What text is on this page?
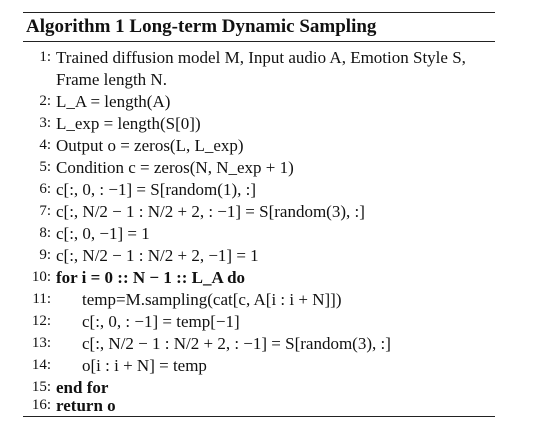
Algorithm 1 Long-term Dynamic Sampling
1: Trained diffusion model M, Input audio A, Emotion Style S,
Frame length N.
2: L_A = length(A)
3: L_exp = length(S[0])
4: Output o = zeros(L, L_exp)
5: Condition c = zeros(N, N_exp + 1)
6: c[:, 0, : −1] = S[random(1), :]
7: c[:, N/2 − 1 : N/2 + 2, : −1] = S[random(3), :]
8: c[:, 0, −1] = 1
9: c[:, N/2 − 1 : N/2 + 2, −1] = 1
10: for i = 0 :: N − 1 :: L_A do
11: temp=M.sampling(cat[c, A[i : i + N]])
12: c[:, 0, : −1] = temp[−1]
13: c[:, N/2 − 1 : N/2 + 2, : −1] = S[random(3), :]
14: o[i : i + N] = temp
15: end for
16: return o
